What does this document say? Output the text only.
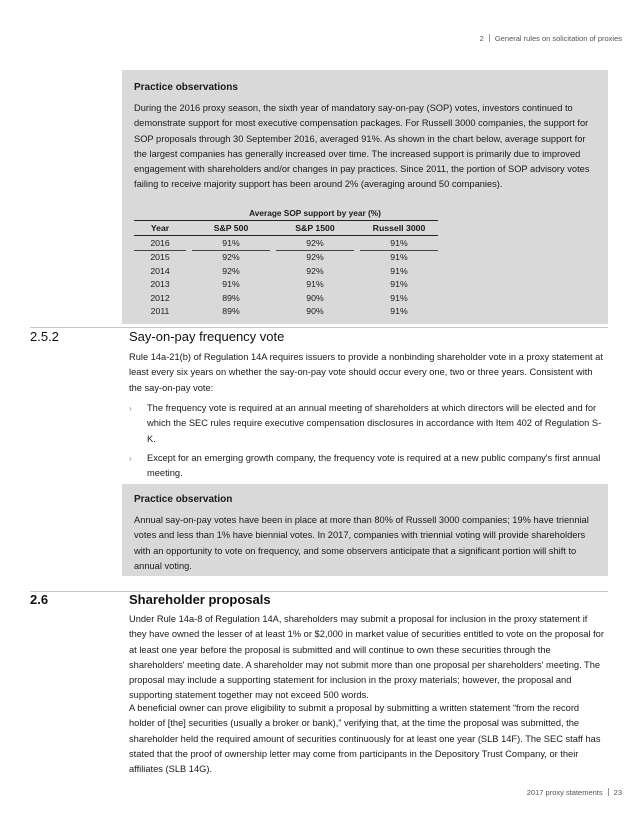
2 General rules on solicitation of proxies
Practice observations

During the 2016 proxy season, the sixth year of mandatory say-on-pay (SOP) votes, investors continued to demonstrate support for most executive compensation packages. For Russell 3000 companies, the support for SOP proposals through 30 September 2016, averaged 91%. As shown in the chart below, average support for the largest companies has generally increased over time. The increased support is primarily due to improved engagement with shareholders and/or changes in pay practices. Since 2011, the portion of SOP advisory votes failing to receive majority support has been around 2% (averaging around 50 companies).

		Average SOP support by year (%)				
Year		S&P 500		S&P 1500		Russell 3000
2016		91%		92%		91%
2015		92%		92%		91%
2014		92%		92%		91%
2013		91%		91%		91%
2012		89%		90%		91%
2011		89%		90%		91%
2.5.2	Say-on-pay frequency vote

Rule 14a-21(b) of Regulation 14A requires issuers to provide a nonbinding shareholder vote in a proxy statement at least every six years on whether the say-on-pay vote should occur every one, two or three years. Consistent with the say-on-pay vote:

› The frequency vote is required at an annual meeting of shareholders at which directors will be elected and for which the SEC rules require executive compensation disclosures in accordance with Item 402 of Regulation S-K.

› Except for an emerging growth company, the frequency vote is required at a new public company's first annual meeting.

Practice observation

Annual say-on-pay votes have been in place at more than 80% of Russell 3000 companies; 19% have triennial votes and less than 1% have biennial votes. In 2017, companies with triennial voting will provide shareholders with an opportunity to vote on frequency, and some observers anticipate that a significant portion will shift to annual voting.

2.6	Shareholder proposals

Under Rule 14a-8 of Regulation 14A, shareholders may submit a proposal for inclusion in the proxy statement if they have owned the lesser of at least 1% or $2,000 in market value of securities entitled to vote on the proposal for at least one year before the proposal is submitted and will continue to own these securities through the shareholders' meeting date. A shareholder may not submit more than one proposal per shareholders' meeting. The proposal may include a supporting statement for inclusion in the proxy materials; however, the proposal and supporting statement together may not exceed 500 words.

A beneficial owner can prove eligibility to submit a proposal by submitting a written statement “from the record holder of [the] securities (usually a broker or bank),” verifying that, at the time the proposal was submitted, the shareholder held the required amount of securities continuously for at least one year (SLB 14F). The SEC staff has stated that the proof of ownership letter may come from participants in the Depository Trust Company, or their affiliates (SLB 14G).

2017 proxy statements 23
